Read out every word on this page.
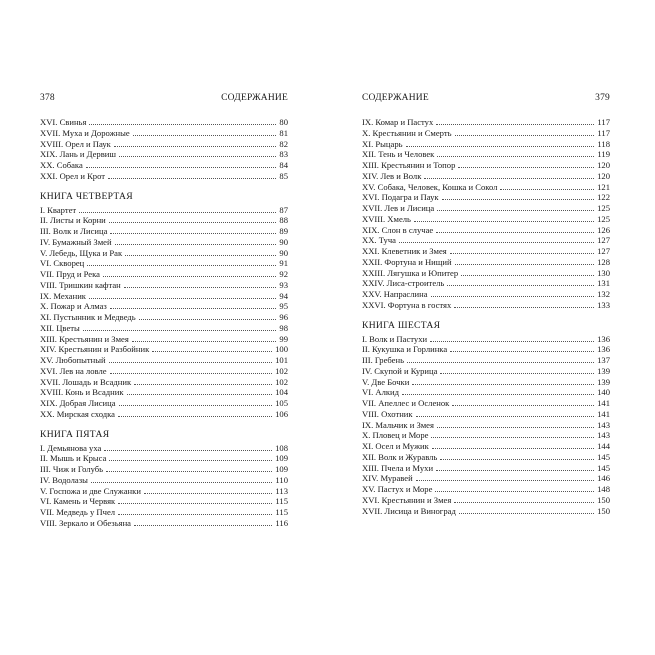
378	СОДЕРЖАНИЕ
XVI. Свинья	80
XVII. Муха и Дорожные	81
XVIII. Орел и Паук	82
XIX. Лань и Дервиш	83
XX. Собака	84
XXI. Орел и Крот	85
КНИГА ЧЕТВЕРТАЯ
I. Квартет	87
II. Листы и Корни	88
III. Волк и Лисица	89
IV. Бумажный Змей	90
V. Лебедь, Щука и Рак	90
VI. Скворец	91
VII. Пруд и Река	92
VIII. Тришкин кафтан	93
IX. Механик	94
X. Пожар и Алмаз	95
XI. Пустынник и Медведь	96
XII. Цветы	98
XIII. Крестьянин и Змея	99
XIV. Крестьянин и Разбойник	100
XV. Любопытный	101
XVI. Лев на ловле	102
XVII. Лошадь и Всадник	102
XVIII. Конь и Всадник	104
XIX. Добрая Лисица	105
XX. Мирская сходка	106
КНИГА ПЯТАЯ
I. Демьянова уха	108
II. Мышь и Крыса	109
III. Чиж и Голубь	109
IV. Водолазы	110
V. Госпожа и две Служанки	113
VI. Камень и Червяк	115
VII. Медведь у Пчел	115
VIII. Зеркало и Обезьяна	116
СОДЕРЖАНИЕ	379
IX. Комар и Пастух	117
X. Крестьянин и Смерть	117
XI. Рыцарь	118
XII. Тень и Человек	119
XIII. Крестьянин и Топор	120
XIV. Лев и Волк	120
XV. Собака, Человек, Кошка и Сокол	121
XVI. Подагра и Паук	122
XVII. Лев и Лисица	125
XVIII. Хмель	125
XIX. Слон в случае	126
XX. Туча	127
XXI. Клеветник и Змея	127
XXII. Фортуна и Нищий	128
XXIII. Лягушка и Юпитер	130
XXIV. Лиса-строитель	131
XXV. Напраслина	132
XXVI. Фортуна в гостях	133
КНИГА ШЕСТАЯ
I. Волк и Пастухи	136
II. Кукушка и Горлинка	136
III. Гребень	137
IV. Скупой и Курица	139
V. Две Бочки	139
VI. Алкид	140
VII. Апеллес и Осленок	141
VIII. Охотник	141
IX. Мальчик и Змея	143
X. Пловец и Море	143
XI. Осел и Мужик	144
XII. Волк и Журавль	145
XIII. Пчела и Мухи	145
XIV. Муравей	146
XV. Пастух и Море	148
XVI. Крестьянин и Змея	150
XVII. Лисица и Виноград	150
